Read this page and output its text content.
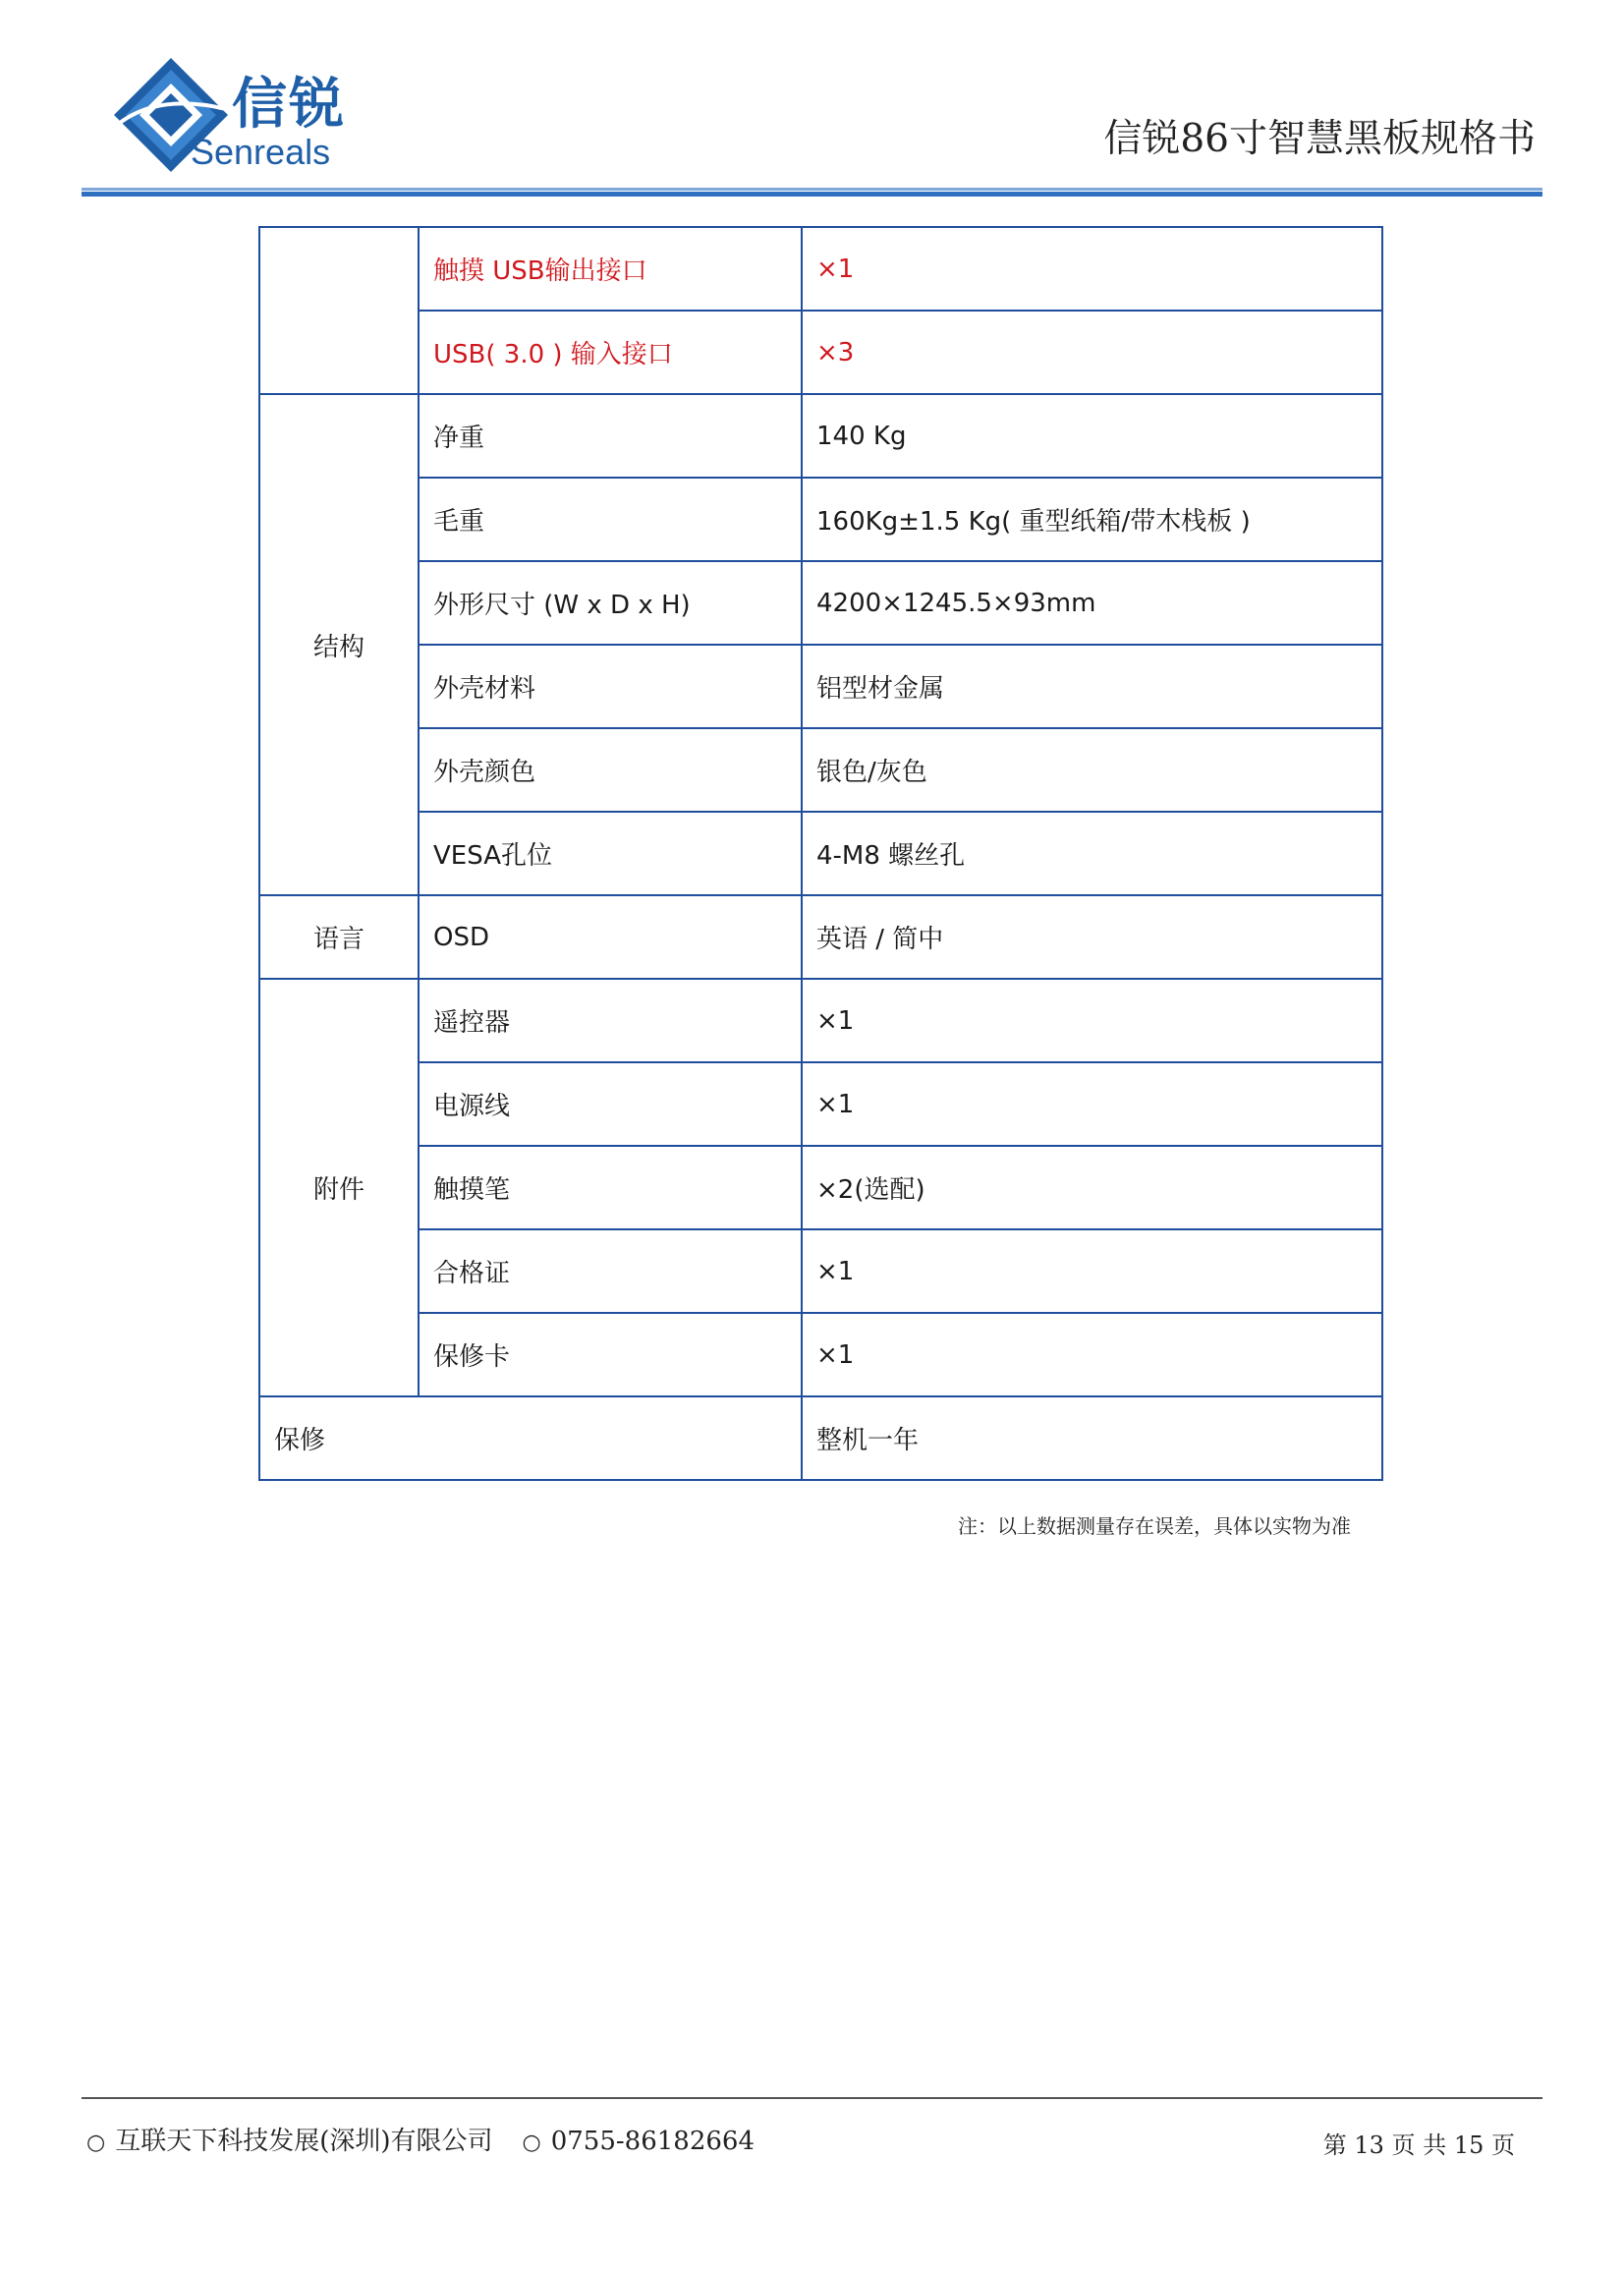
信锐
Senreals	信锐86寸智慧黑板规格书
	触摸 USB输出接口	×1
	USB( 3.0 ) 输入接口	×3
结构	净重	140 Kg
	毛重	160Kg±1.5 Kg( 重型纸箱/带木栈板 )
	外形尺寸 (W x D x H)	4200×1245.5×93mm
	外壳材料	铝型材金属
	外壳颜色	银色/灰色
	VESA孔位	4-M8 螺丝孔
语言	OSD	英语 / 简中
附件	遥控器	×1
	电源线	×1
	触摸笔	×2(选配)
	合格证	×1
	保修卡	×1
保修		整机一年
注：以上数据测量存在误差，具体以实物为准
○ 互联天下科技发展(深圳)有限公司 ○ 0755-86182664	第 13 页 共 15 页
